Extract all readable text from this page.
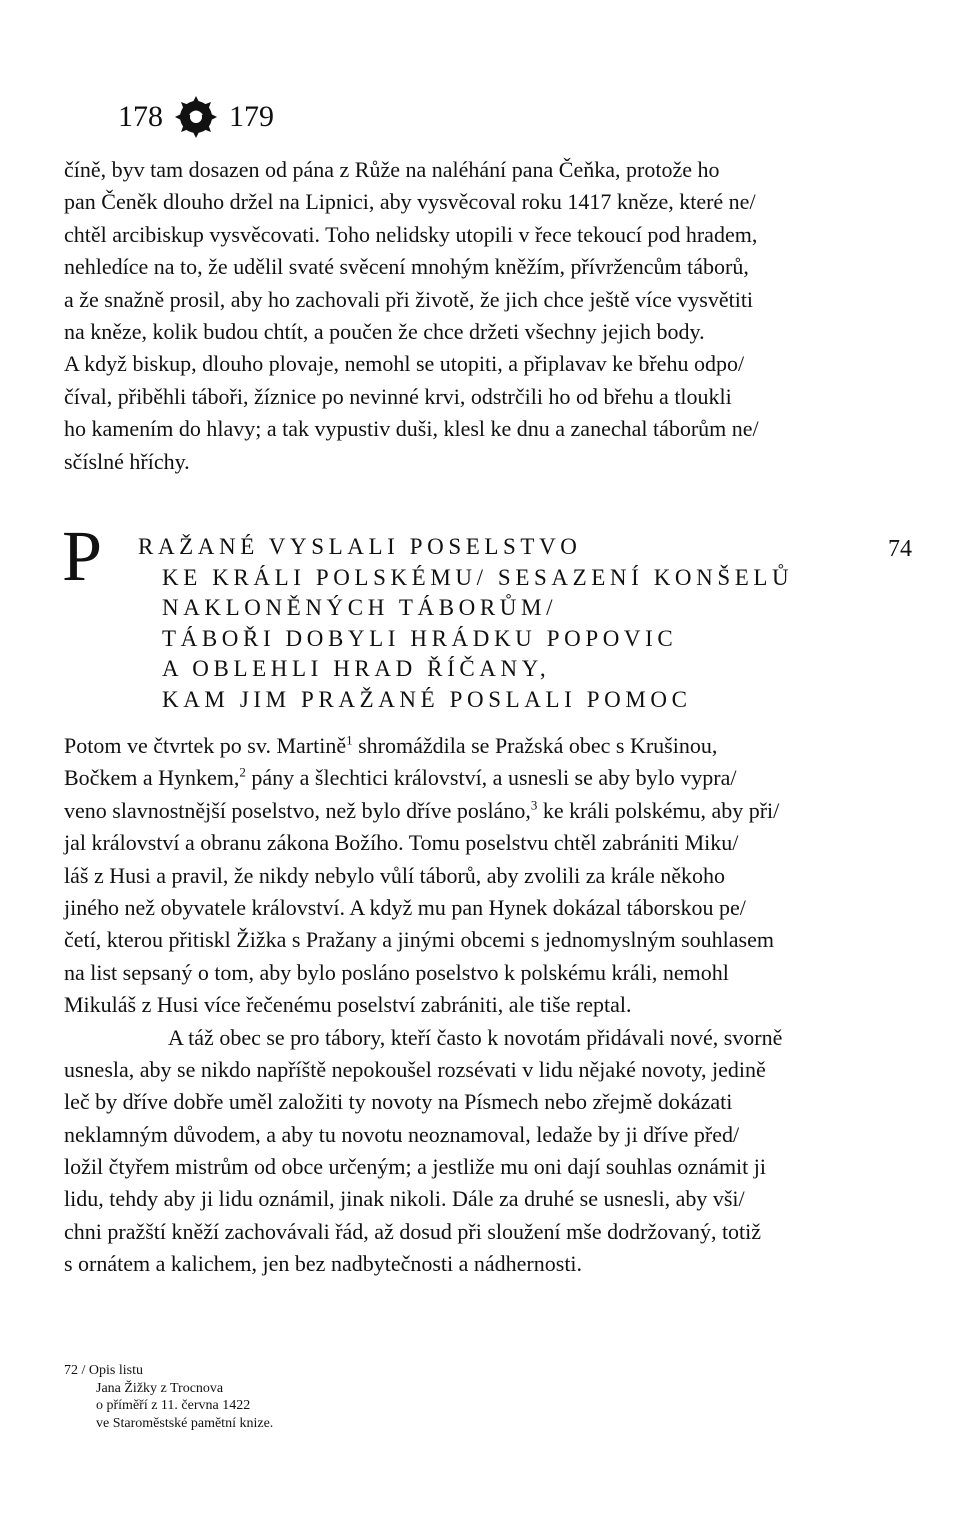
178 179
číně, byv tam dosazen od pána z Růže na naléhání pana Čeňka, protože ho
pan Čeněk dlouho držel na Lipnici, aby vysvěcoval roku 1417 kněze, které ne/
chtěl arcibiskup vysvěcovati. Toho nelidsky utopili v řece tekoucí pod hradem,
nehledíce na to, že udělil svaté svěcení mnohým kněžím, přívržencům táborů,
a že snažně prosil, aby ho zachovali při životě, že jich chce ještě více vysvětiti
na kněze, kolik budou chtít, a poučen že chce držeti všechny jejich body.
A když biskup, dlouho plovaje, nemohl se utopiti, a připlavav ke břehu odpo/
číval, přiběhli táboři, žíznice po nevinné krvi, odstrčili ho od břehu a tloukli
ho kamením do hlavy; a tak vypustiv duši, klesl ke dnu a zanechal táborům ne/
sčíslné hříchy.
P RAŽANÉ VYSLALI POSELSTVO
KE KRÁLI POLSKÉMU/ SESAZENÍ KONŠELŮ
NAKLONĚNÝCH TÁBORŮM/
TÁBOŘI DOBYLI HRÁDKU POPOVIC
A OBLEHLI HRAD ŘÍČANY,
KAM JIM PRAŽANÉ POSLALI POMOC
74
Potom ve čtvrtek po sv. Martině$^1$ shromáždila se Pražská obec s Krušinou,
Bočkem a Hynkem,$^2$ pány a šlechtici království, a usnesli se aby bylo vypra/
veno slavnostnější poselstvo, než bylo dříve posláno,$^3$ ke králi polskému, aby při/
jal království a obranu zákona Božího. Tomu poselstvu chtěl zabrániti Miku/
láš z Husi a pravil, že nikdy nebylo vůlí táborů, aby zvolili za krále někoho
jiného než obyvatele království. A když mu pan Hynek dokázal táborskou pe/
četí, kterou přitiskl Žižka s Pražany a jinými obcemi s jednomyslným souhlasem
na list sepsaný o tom, aby bylo posláno poselstvo k polskému králi, nemohl
Mikuláš z Husi více řečenému poselství zabrániti, ale tiše reptal.
A táž obec se pro tábory, kteří často k novotám přidávali nové, svorně
usnesla, aby se nikdo napříště nepokoušel rozsévati v lidu nějaké novoty, jedině
leč by dříve dobře uměl založiti ty novoty na Písmech nebo zřejmě dokázati
neklamným důvodem, a aby tu novotu neoznamoval, ledaže by ji dříve před/
ložil čtyřem mistrům od obce určeným; a jestliže mu oni dají souhlas oznámit ji
lidu, tehdy aby ji lidu oznámil, jinak nikoli. Dále za druhé se usnesli, aby vši/
chni pražští kněží zachovávali řád, až dosud při sloužení mše dodržovaný, totiž
s ornátem a kalichem, jen bez nadbytečnosti a nádhernosti.
72 / Opis listu
Jana Žižky z Trocnova
o příměří z 11. června 1422
ve Staroměstské pamětní knize.
